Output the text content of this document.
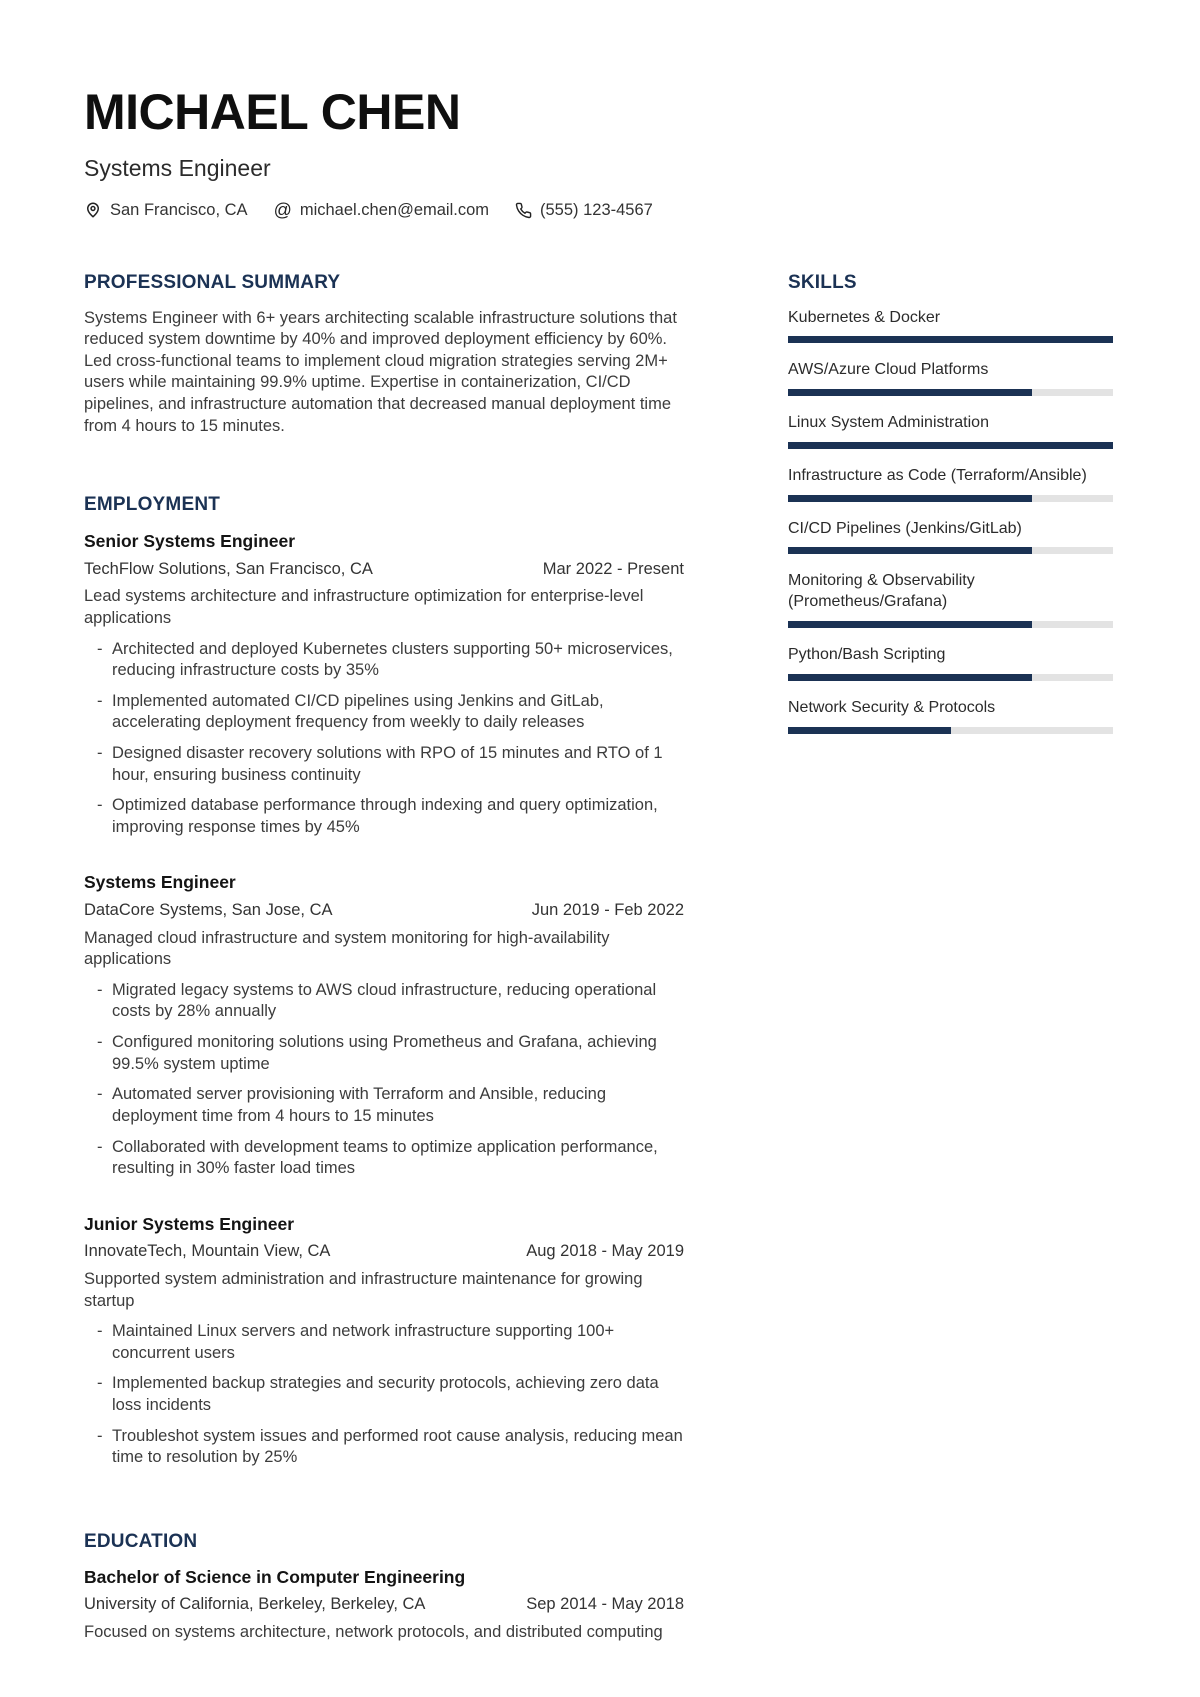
MICHAEL CHEN
Systems Engineer
San Francisco, CA @ michael.chen@email.com	(555) 123-4567
PROFESSIONAL SUMMARY

Systems Engineer with 6+ years architecting scalable infrastructure solutions that reduced system downtime by 40% and improved deployment efficiency by 60%. Led cross-functional teams to implement cloud migration strategies serving 2M+ users while maintaining 99.9% uptime. Expertise in containerization, CI/CD pipelines, and infrastructure automation that decreased manual deployment time from 4 hours to 15 minutes.

EMPLOYMENT
Senior Systems Engineer
TechFlow Solutions, San Francisco, CA	Mar 2022 - Present

Lead systems architecture and infrastructure optimization for enterprise-level applications

- Architected and deployed Kubernetes clusters supporting 50+ microservices, reducing infrastructure costs by 35%
- Implemented automated CI/CD pipelines using Jenkins and GitLab, accelerating deployment frequency from weekly to daily releases
- Designed disaster recovery solutions with RPO of 15 minutes and RTO of 1 hour, ensuring business continuity
- Optimized database performance through indexing and query optimization, improving response times by 45%
Systems Engineer
DataCore Systems, San Jose, CA	Jun 2019 - Feb 2022

Managed cloud infrastructure and system monitoring for high-availability applications

- Migrated legacy systems to AWS cloud infrastructure, reducing operational costs by 28% annually
- Configured monitoring solutions using Prometheus and Grafana, achieving 99.5% system uptime
- Automated server provisioning with Terraform and Ansible, reducing deployment time from 4 hours to 15 minutes
- Collaborated with development teams to optimize application performance, resulting in 30% faster load times
Junior Systems Engineer
InnovateTech, Mountain View, CA	Aug 2018 - May 2019

Supported system administration and infrastructure maintenance for growing startup

- Maintained Linux servers and network infrastructure supporting 100+ concurrent users
- Implemented backup strategies and security protocols, achieving zero data loss incidents
- Troubleshot system issues and performed root cause analysis, reducing mean time to resolution by 25%
EDUCATION
Bachelor of Science in Computer Engineering
University of California, Berkeley, Berkeley, CA	Sep 2014 - May 2018

Focused on systems architecture, network protocols, and distributed computing

SKILLS
Kubernetes & Docker
AWS/Azure Cloud Platforms
Linux System Administration
Infrastructure as Code (Terraform/Ansible)
CI/CD Pipelines (Jenkins/GitLab)
Monitoring & Observability (Prometheus/Grafana)
Python/Bash Scripting
Network Security & Protocols
